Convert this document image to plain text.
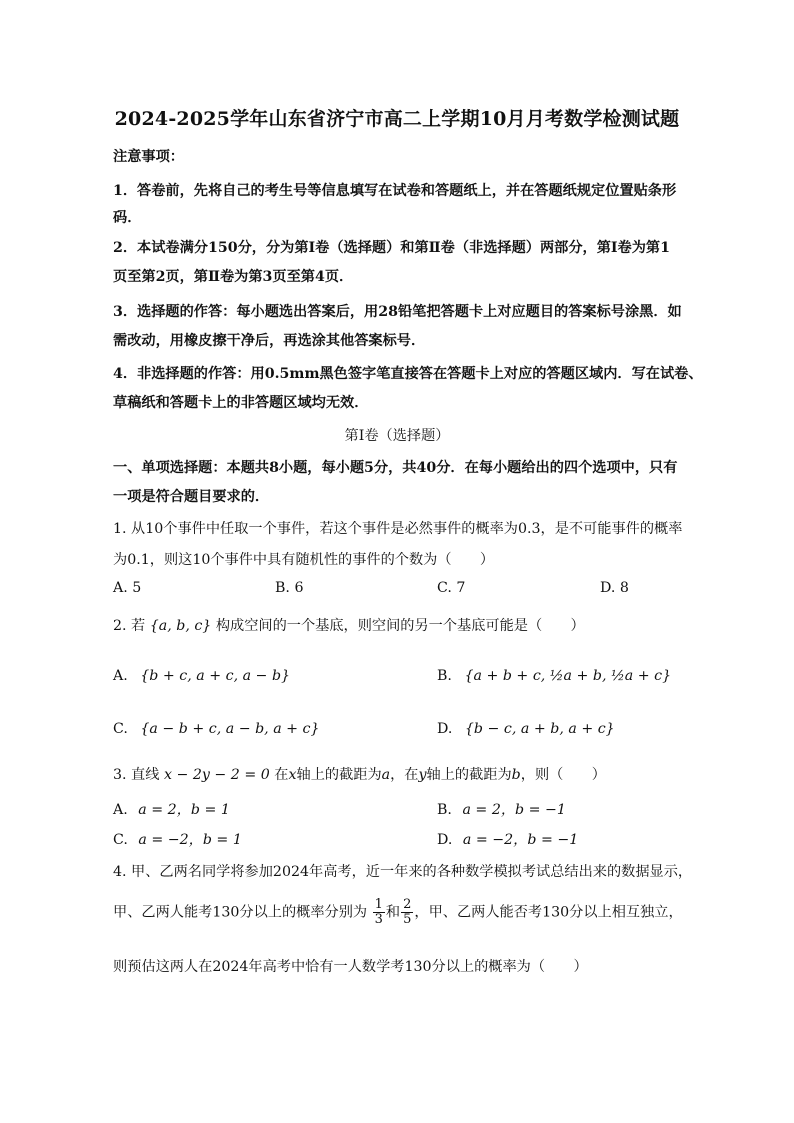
2024-2025学年山东省济宁市高二上学期10月月考数学检测试题
注意事项：
1．答卷前，先将自己的考生号等信息填写在试卷和答题纸上，并在答题纸规定位置贴条形
码．
2．本试卷满分150分，分为第Ⅰ卷（选择题）和第Ⅱ卷（非选择题）两部分，第Ⅰ卷为第1
页至第2页，第Ⅱ卷为第3页至第4页．
3．选择题的作答：每小题选出答案后，用28铅笔把答题卡上对应题目的答案标号涂黑．如
需改动，用橡皮擦干净后，再选涂其他答案标号．
4．非选择题的作答：用0.5mm黑色签字笔直接答在答题卡上对应的答题区域内．写在试卷、
草稿纸和答题卡上的非答题区域均无效．
第Ⅰ卷（选择题）
一、单项选择题：本题共8小题，每小题5分，共40分．在每小题给出的四个选项中，只有
一项是符合题目要求的．
1. 从10个事件中任取一个事件，若这个事件是必然事件的概率为0.3，是不可能事件的概率
为0.1，则这10个事件中具有随机性的事件的个数为（　　）
A. 5	B. 6	C. 7	D. 8
2. 若 {a, b, c} 构成空间的一个基底，则空间的另一个基底可能是（　　）
A. {b + c, a + c, a − b}	B. {a + b + c, ½a + b, ½a + c}
C. {a − b + c, a − b, a + c}	D. {b − c, a + b, a + c}
3. 直线 x − 2y − 2 = 0 在x轴上的截距为a，在y轴上的截距为b，则（　　）
A. a = 2，b = 1	B. a = 2，b = −1
C. a = −2，b = 1	D. a = −2，b = −1
4. 甲、乙两名同学将参加2024年高考，近一年来的各种数学模拟考试总结出来的数据显示，
甲、乙两人能考130分以上的概率分别为 $\frac{1}{3}$ 和 $\frac{2}{5}$ ，甲、乙两人能否考130分以上相互独立，
则预估这两人在2024年高考中恰有一人数学考130分以上的概率为（　　）
